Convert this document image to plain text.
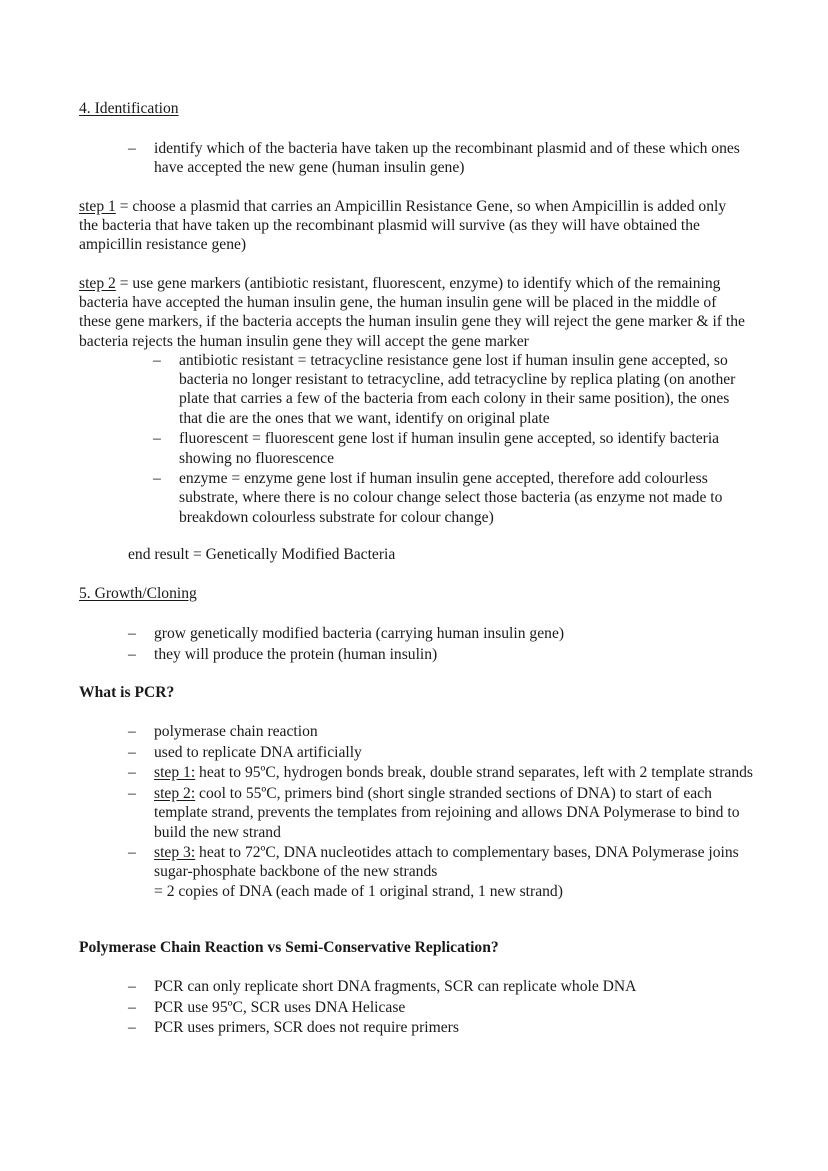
4. Identification
– identify which of the bacteria have taken up the recombinant plasmid and of these which ones have accepted the new gene (human insulin gene)
step 1 = choose a plasmid that carries an Ampicillin Resistance Gene, so when Ampicillin is added only the bacteria that have taken up the recombinant plasmid will survive (as they will have obtained the ampicillin resistance gene)
step 2 = use gene markers (antibiotic resistant, fluorescent, enzyme) to identify which of the remaining bacteria have accepted the human insulin gene, the human insulin gene will be placed in the middle of these gene markers, if the bacteria accepts the human insulin gene they will reject the gene marker & if the bacteria rejects the human insulin gene they will accept the gene marker
– antibiotic resistant = tetracycline resistance gene lost if human insulin gene accepted, so bacteria no longer resistant to tetracycline, add tetracycline by replica plating (on another plate that carries a few of the bacteria from each colony in their same position), the ones that die are the ones that we want, identify on original plate
– fluorescent = fluorescent gene lost if human insulin gene accepted, so identify bacteria showing no fluorescence
– enzyme = enzyme gene lost if human insulin gene accepted, therefore add colourless substrate, where there is no colour change select those bacteria (as enzyme not made to breakdown colourless substrate for colour change)
end result = Genetically Modified Bacteria
5. Growth/Cloning
– grow genetically modified bacteria (carrying human insulin gene)
– they will produce the protein (human insulin)
What is PCR?
– polymerase chain reaction
– used to replicate DNA artificially
– step 1: heat to 95ºC, hydrogen bonds break, double strand separates, left with 2 template strands
– step 2: cool to 55ºC, primers bind (short single stranded sections of DNA) to start of each template strand, prevents the templates from rejoining and allows DNA Polymerase to bind to build the new strand
– step 3: heat to 72ºC, DNA nucleotides attach to complementary bases, DNA Polymerase joins sugar-phosphate backbone of the new strands
= 2 copies of DNA (each made of 1 original strand, 1 new strand)
Polymerase Chain Reaction vs Semi-Conservative Replication?
– PCR can only replicate short DNA fragments, SCR can replicate whole DNA
– PCR use 95ºC, SCR uses DNA Helicase
– PCR uses primers, SCR does not require primers
